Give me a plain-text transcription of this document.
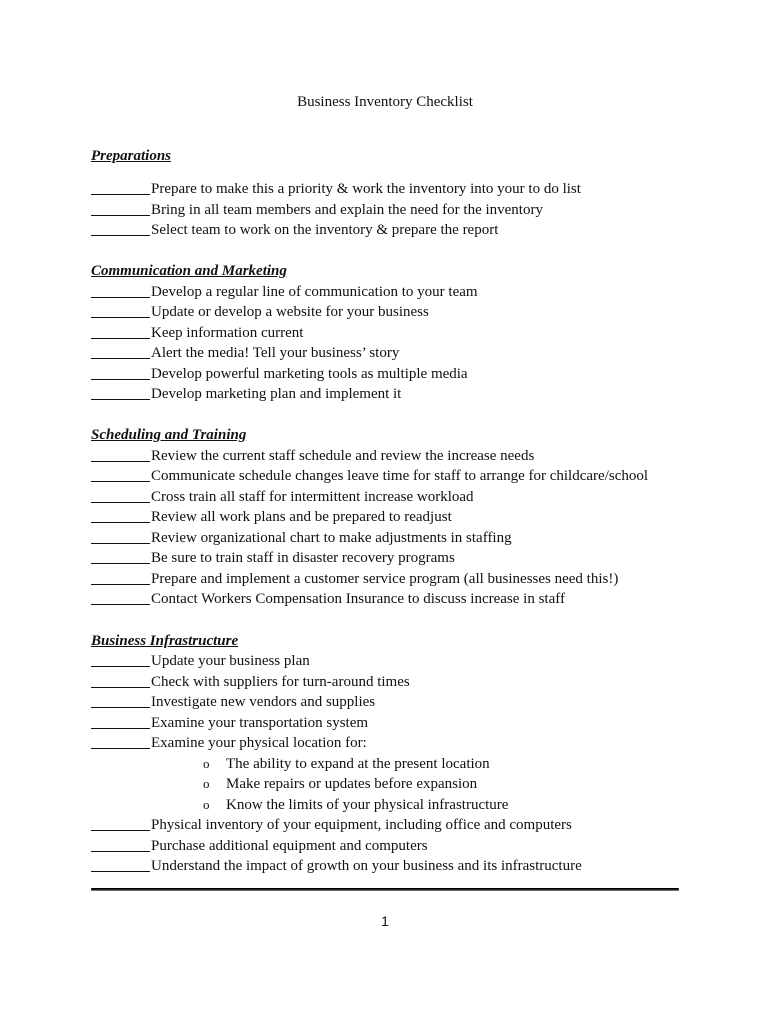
Business Inventory Checklist
Preparations
Prepare to make this a priority & work the inventory into your to do list
Bring in all team members and explain the need for the inventory
Select team to work on the inventory & prepare the report
Communication and Marketing
Develop a regular line of communication to your team
Update or develop a website for your business
Keep information current
Alert the media! Tell your business’ story
Develop powerful marketing tools as multiple media
Develop marketing plan and implement it
Scheduling and Training
Review the current staff schedule and review the increase needs
Communicate schedule changes leave time for staff to arrange for childcare/school
Cross train all staff for intermittent increase workload
Review all work plans and be prepared to readjust
Review organizational chart to make adjustments in staffing
Be sure to train staff in disaster recovery programs
Prepare and implement a customer service program (all businesses need this!)
Contact Workers Compensation Insurance to discuss increase in staff
Business Infrastructure
Update your business plan
Check with suppliers for turn-around times
Investigate new vendors and supplies
Examine your transportation system
Examine your physical location for:
o The ability to expand at the present location
o Make repairs or updates before expansion
o Know the limits of your physical infrastructure
Physical inventory of your equipment, including office and computers
Purchase additional equipment and computers
Understand the impact of growth on your business and its infrastructure
1
